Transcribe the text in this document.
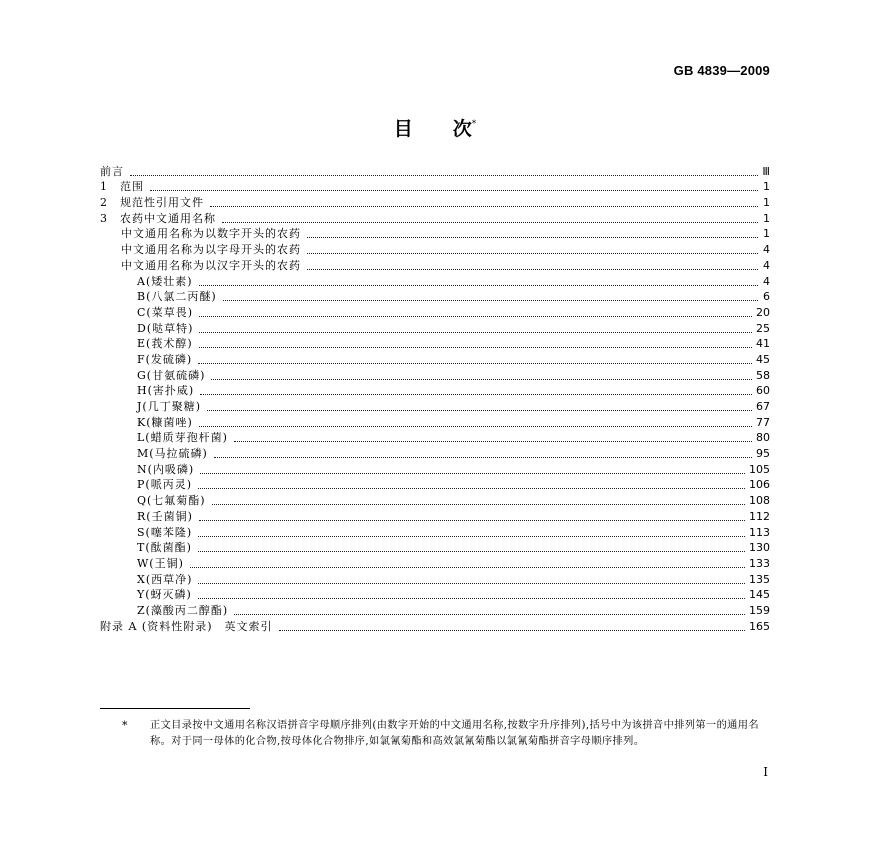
GB 4839—2009
目 次*
前言	Ⅲ
1 范围	1
2 规范性引用文件	1
3 农药中文通用名称	1
中文通用名称为以数字开头的农药	1
中文通用名称为以字母开头的农药	4
中文通用名称为以汉字开头的农药	4
A(矮壮素)	4
B(八氯二丙醚)	6
C(菜草畏)	20
D(哒草特)	25
E(莪术醇)	41
F(发硫磷)	45
G(甘氨硫磷)	58
H(害扑威)	60
J(几丁聚糖)	67
K(糠菌唑)	77
L(蜡质芽孢杆菌)	80
M(马拉硫磷)	95
N(内吸磷)	105
P(哌丙灵)	106
Q(七氟菊酯)	108
R(壬菌铜)	112
S(噻苯隆)	113
T(酞菌酯)	130
W(王铜)	133
X(西草净)	135
Y(蚜灭磷)	145
Z(藻酸丙二醇酯)	159
附录 A (资料性附录)　英文索引	165
*	正文目录按中文通用名称汉语拼音字母顺序排列(由数字开始的中文通用名称,按数字升序排列),括号中为该拼音中排列第一的通用名称。对于同一母体的化合物,按母体化合物排序,如氯氰菊酯和高效氯氰菊酯以氯氰菊酯拼音字母顺序排列。
I
